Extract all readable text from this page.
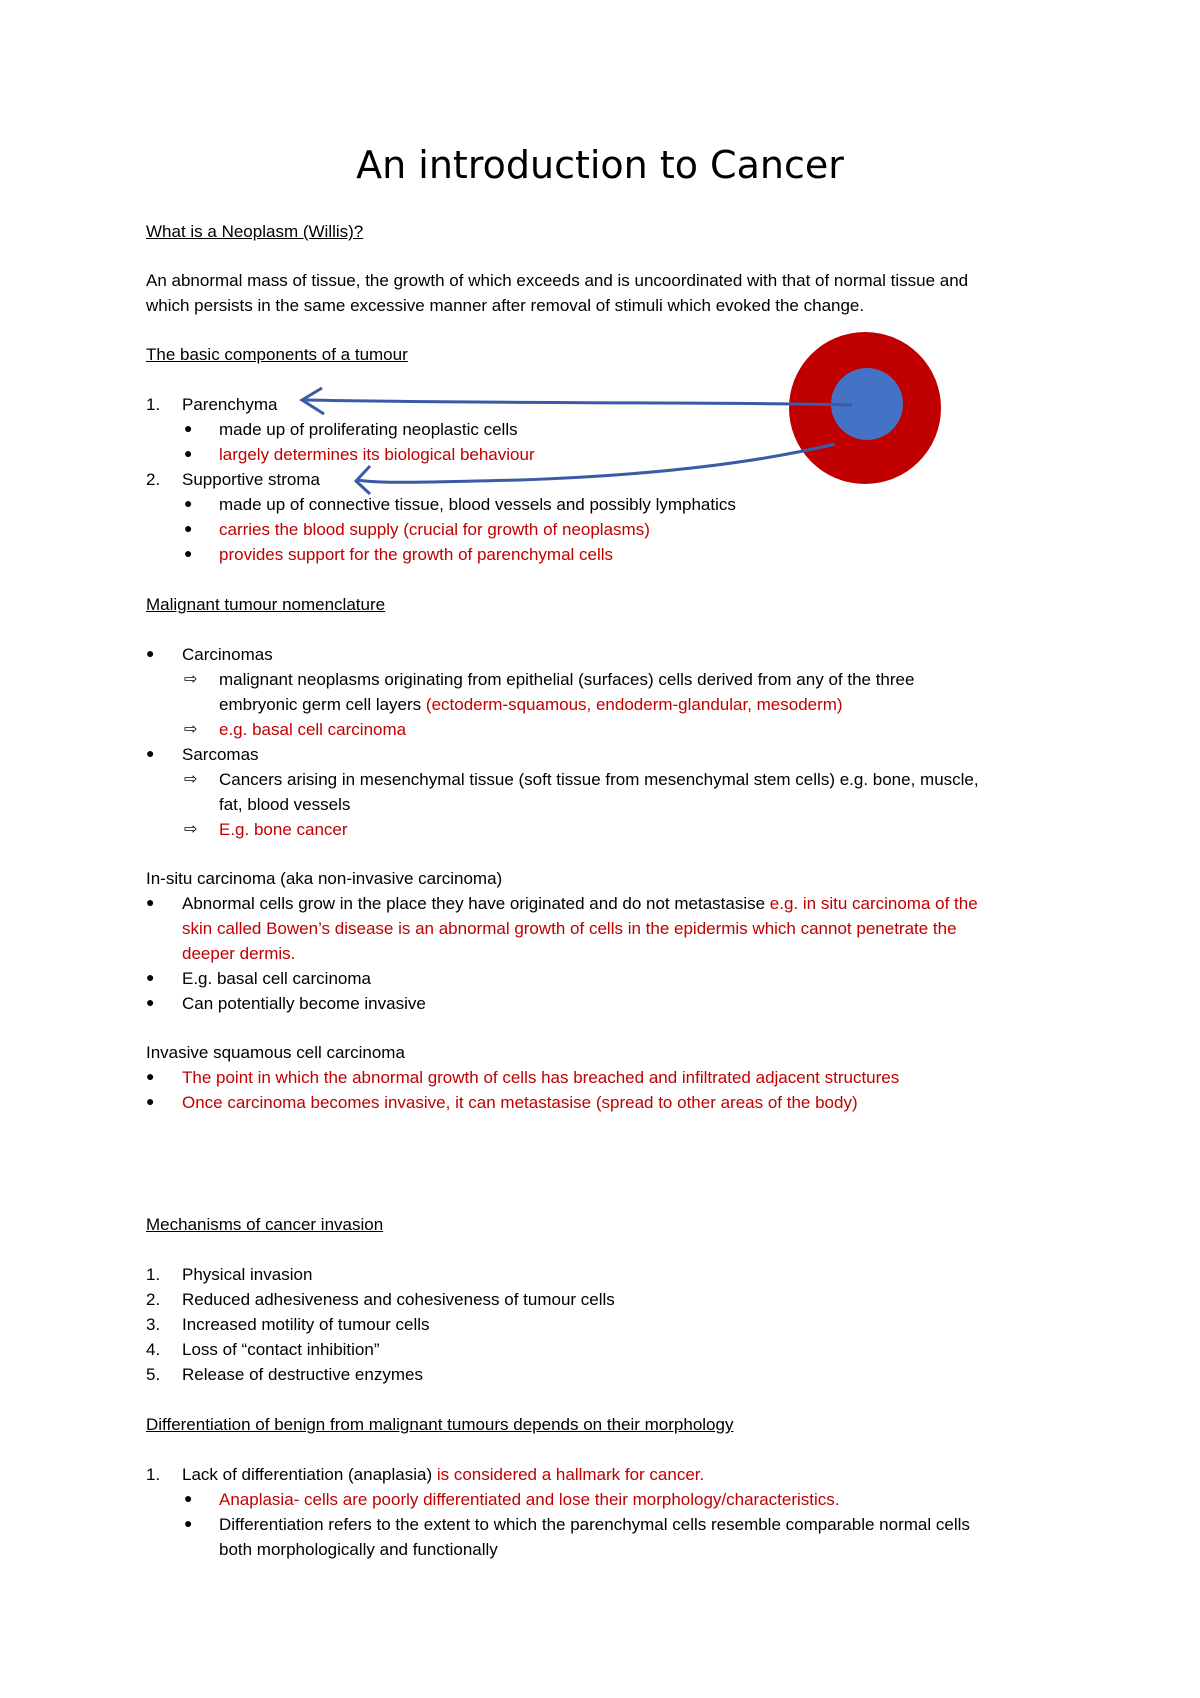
An introduction to Cancer
What is a Neoplasm (Willis)?
An abnormal mass of tissue, the growth of which exceeds and is uncoordinated with that of normal tissue and
which persists in the same excessive manner after removal of stimuli which evoked the change.
The basic components of a tumour
1. Parenchyma
● made up of proliferating neoplastic cells
● largely determines its biological behaviour
2. Supportive stroma
● made up of connective tissue, blood vessels and possibly lymphatics
● carries the blood supply (crucial for growth of neoplasms)
● provides support for the growth of parenchymal cells
Malignant tumour nomenclature
● Carcinomas
⇨ malignant neoplasms originating from epithelial (surfaces) cells derived from any of the three
embryonic germ cell layers (ectoderm-squamous, endoderm-glandular, mesoderm)
⇨ e.g. basal cell carcinoma
● Sarcomas
⇨ Cancers arising in mesenchymal tissue (soft tissue from mesenchymal stem cells) e.g. bone, muscle,
fat, blood vessels
⇨ E.g. bone cancer
In-situ carcinoma (aka non-invasive carcinoma)
● Abnormal cells grow in the place they have originated and do not metastasise e.g. in situ carcinoma of the
skin called Bowen’s disease is an abnormal growth of cells in the epidermis which cannot penetrate the
deeper dermis.
● E.g. basal cell carcinoma
● Can potentially become invasive
Invasive squamous cell carcinoma
● The point in which the abnormal growth of cells has breached and infiltrated adjacent structures
● Once carcinoma becomes invasive, it can metastasise (spread to other areas of the body)
Mechanisms of cancer invasion
1. Physical invasion
2. Reduced adhesiveness and cohesiveness of tumour cells
3. Increased motility of tumour cells
4. Loss of “contact inhibition”
5. Release of destructive enzymes
Differentiation of benign from malignant tumours depends on their morphology
1. Lack of differentiation (anaplasia) is considered a hallmark for cancer.
● Anaplasia- cells are poorly differentiated and lose their morphology/characteristics.
● Differentiation refers to the extent to which the parenchymal cells resemble comparable normal cells
both morphologically and functionally
